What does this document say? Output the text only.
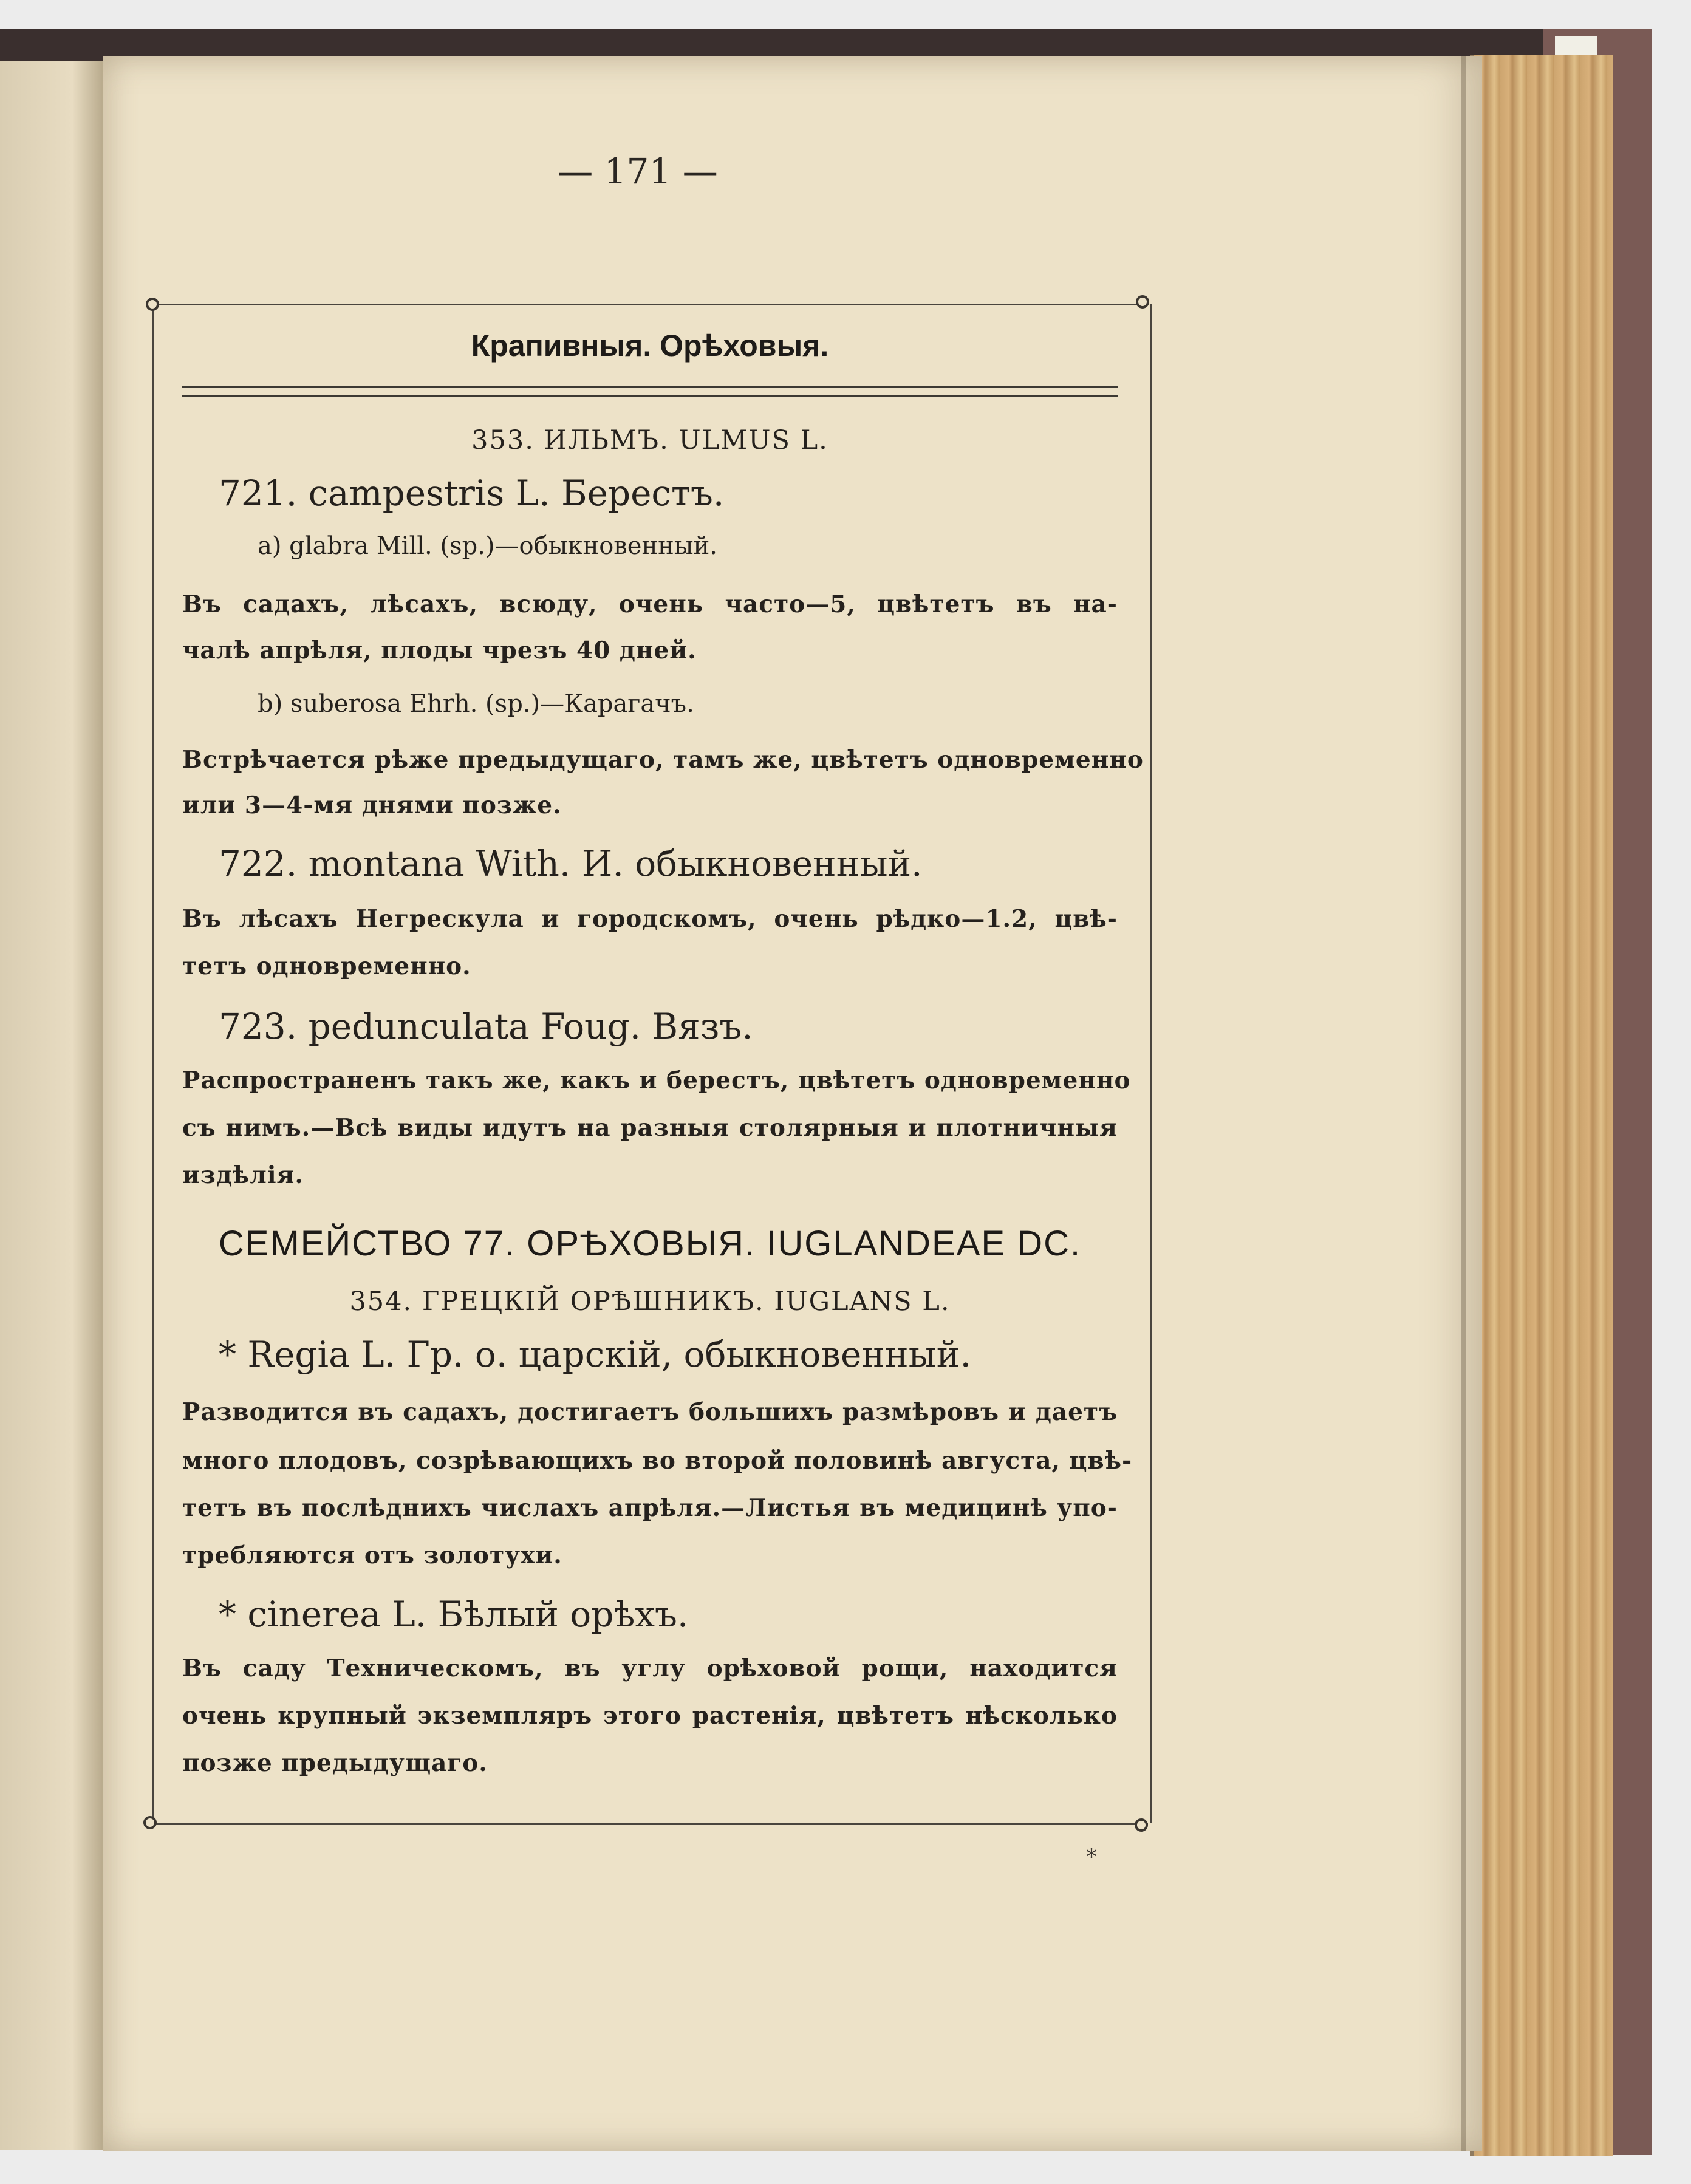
— 171 —
Крапивныя. Орѣховыя.
353. ИЛЬМЪ. ULMUS L.
721. campestris L. Берестъ.
a) glabra Mill. (sp.)—обыкновенный.
Въ садахъ, лѣсахъ, всюду, очень часто—5, цвѣтетъ въ на-
чалѣ апрѣля, плоды чрезъ 40 дней.
b) suberosa Ehrh. (sp.)—Карагачъ.
Встрѣчается рѣже предыдущаго, тамъ же, цвѣтетъ одновременно
или 3—4-мя днями позже.
722. montana With. И. обыкновенный.
Въ лѣсахъ Негрескула и городскомъ, очень рѣдко—1.2, цвѣ-
тетъ одновременно.
723. pedunculata Foug. Вязъ.
Распространенъ такъ же, какъ и берестъ, цвѣтетъ одновременно
съ нимъ.—Всѣ виды идутъ на разныя столярныя и плотничныя
издѣлія.
СЕМЕЙСТВО 77. ОРѢХОВЫЯ. IUGLANDEAE DC.
354. ГРЕЦКІЙ ОРѢШНИКЪ. IUGLANS L.
* Regia L. Гр. о. царскій, обыкновенный.
Разводится въ садахъ, достигаетъ большихъ размѣровъ и даетъ
много плодовъ, созрѣвающихъ во второй половинѣ августа, цвѣ-
тетъ въ послѣднихъ числахъ апрѣля.—Листья въ медицинѣ упо-
требляются отъ золотухи.
* cinerea L. Бѣлый орѣхъ.
Въ саду Техническомъ, въ углу орѣховой рощи, находится
очень крупный экземпляръ этого растенія, цвѣтетъ нѣсколько
позже предыдущаго.
*
